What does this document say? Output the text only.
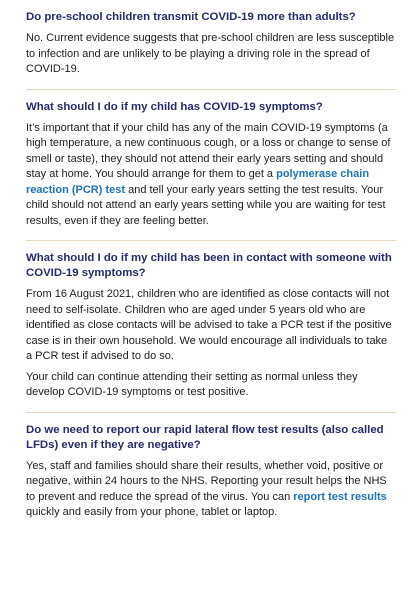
Do pre-school children transmit COVID-19 more than adults?

No. Current evidence suggests that pre-school children are less susceptible to infection and are unlikely to be playing a driving role in the spread of COVID-19.

What should I do if my child has COVID-19 symptoms?

It’s important that if your child has any of the main COVID-19 symptoms (a high temperature, a new continuous cough, or a loss or change to sense of smell or taste), they should not attend their early years setting and should stay at home. You should arrange for them to get a polymerase chain reaction (PCR) test and tell your early years setting the test results. Your child should not attend an early years setting while you are waiting for test results, even if they are feeling better.

What should I do if my child has been in contact with someone with COVID-19 symptoms?

From 16 August 2021, children who are identified as close contacts will not need to self-isolate. Children who are aged under 5 years old who are identified as close contacts will be advised to take a PCR test if the positive case is in their own household. We would encourage all individuals to take a PCR test if advised to do so.

Your child can continue attending their setting as normal unless they develop COVID-19 symptoms or test positive.

Do we need to report our rapid lateral flow test results (also called LFDs) even if they are negative?

Yes, staff and families should share their results, whether void, positive or negative, within 24 hours to the NHS. Reporting your result helps the NHS to prevent and reduce the spread of the virus. You can report test results quickly and easily from your phone, tablet or laptop.
